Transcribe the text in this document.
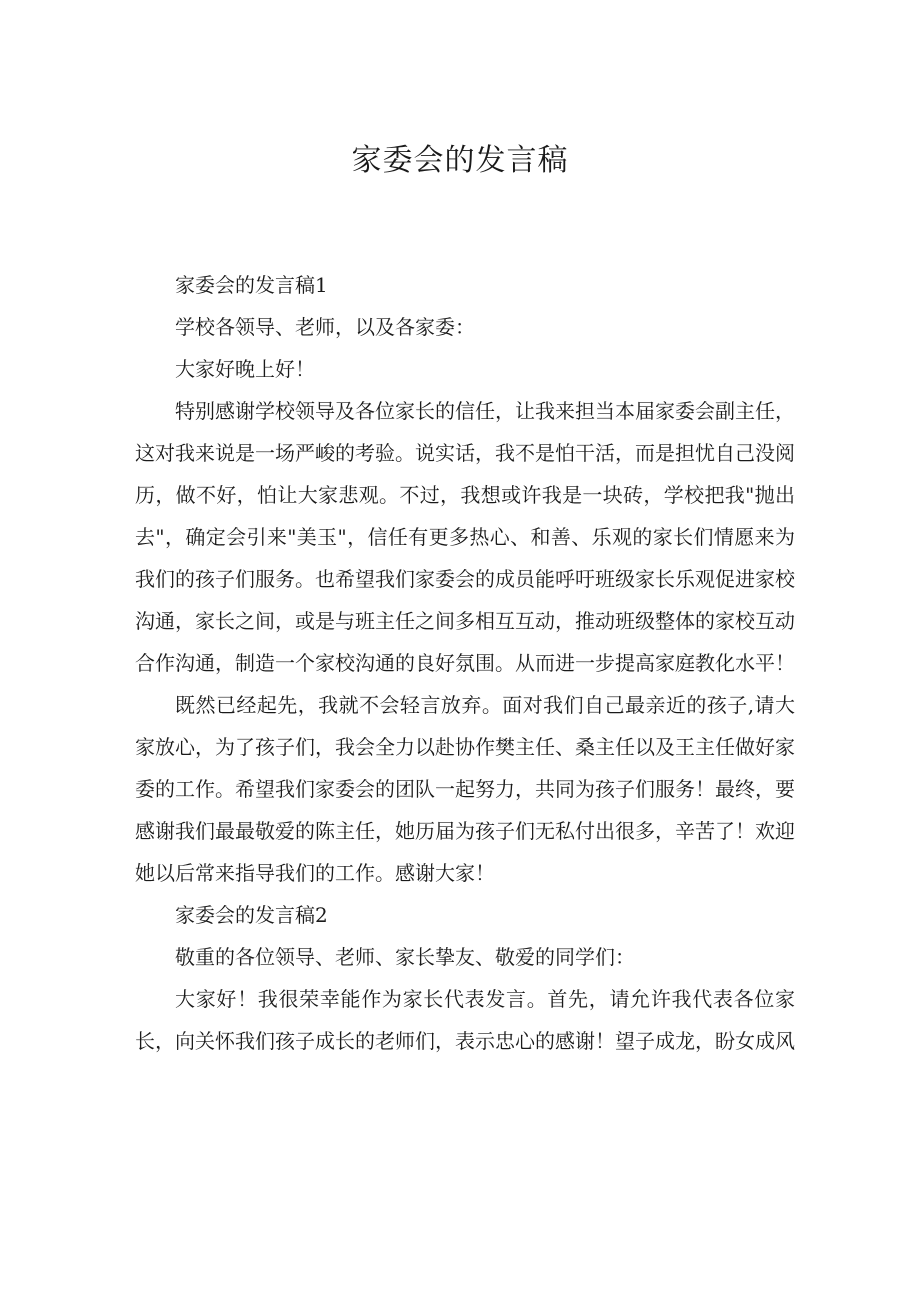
家委会的发言稿

家委会的发言稿1

学校各领导、老师，以及各家委：

大家好晚上好！

特别感谢学校领导及各位家长的信任，让我来担当本届家委会副主任，这对我来说是一场严峻的考验。说实话，我不是怕干活，而是担忧自己没阅历，做不好，怕让大家悲观。不过，我想或许我是一块砖，学校把我"抛出去"，确定会引来"美玉"，信任有更多热心、和善、乐观的家长们情愿来为我们的孩子们服务。也希望我们家委会的成员能呼吁班级家长乐观促进家校沟通，家长之间，或是与班主任之间多相互互动，推动班级整体的家校互动合作沟通，制造一个家校沟通的良好氛围。从而进一步提高家庭教化水平！

既然已经起先，我就不会轻言放弃。面对我们自己最亲近的孩子,请大家放心，为了孩子们，我会全力以赴协作樊主任、桑主任以及王主任做好家委的工作。希望我们家委会的团队一起努力，共同为孩子们服务！最终，要感谢我们最最敬爱的陈主任，她历届为孩子们无私付出很多，辛苦了！欢迎她以后常来指导我们的工作。感谢大家！

家委会的发言稿2

敬重的各位领导、老师、家长挚友、敬爱的同学们：

大家好！我很荣幸能作为家长代表发言。首先，请允许我代表各位家长，向关怀我们孩子成长的老师们，表示忠心的感谢！望子成龙，盼女成风
